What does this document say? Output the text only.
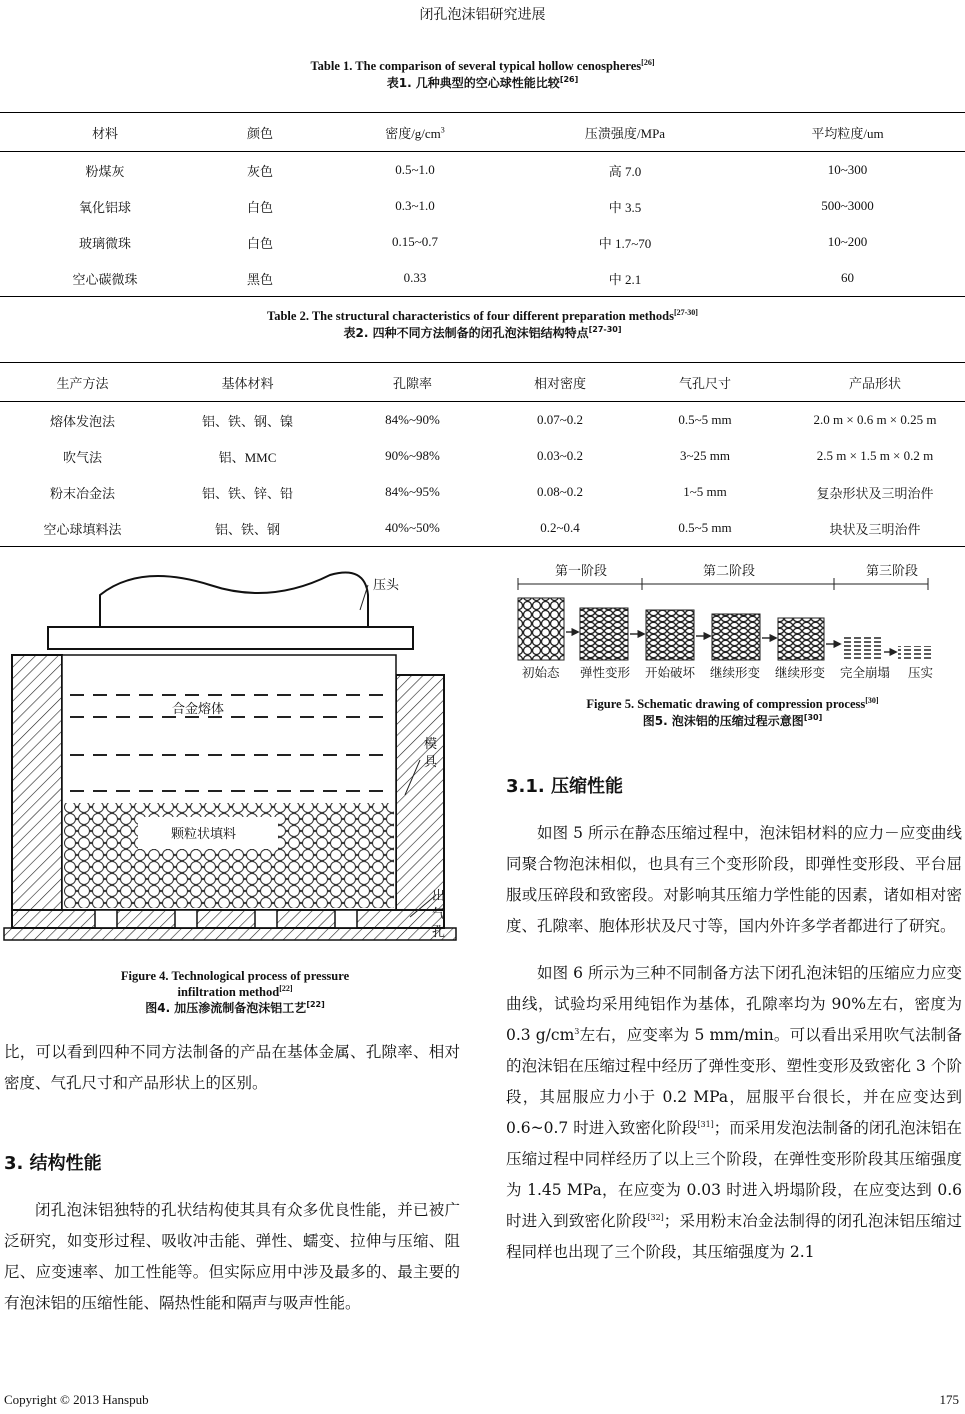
闭孔泡沫铝研究进展
Table 1. The comparison of several typical hollow cenospheres[26]
表1. 几种典型的空心球性能比较[26]
材料	颜色	密度$/g/cm^3$	压溃强度/MPa	平均粒度/um
粉煤灰	灰色	0.5~1.0	高 7.0	10~300
氧化铝球	白色	0.3~1.0	中 3.5	500~3000
玻璃微珠	白色	0.15~0.7	中 1.7~70	10~200
空心碳微珠	黑色	0.33	中 2.1	60
Table 2. The structural characteristics of four different preparation methods[27-30]
表2. 四种不同方法制备的闭孔泡沫铝结构特点[27-30]
生产方法	基体材料	孔隙率	相对密度	气孔尺寸	产品形状
熔体发泡法	铝、铁、钢、镍	84%~90%	0.07~0.2	0.5~5 mm	2.0 m × 0.6 m × 0.25 m
吹气法	铝、MMC	90%~98%	0.03~0.2	3~25 mm	2.5 m × 1.5 m × 0.2 m
粉末冶金法	铝、铁、锌、铅	84%~95%	0.08~0.2	1~5 mm	复杂形状及三明治件
空心球填料法	铝、铁、钢	40%~50%	0.2~0.4	0.5~5 mm	块状及三明治件
压头
合金熔体
模
具
颗粒状填料
出
气
孔
Figure 4. Technological process of pressure
infiltration method[22]
图4. 加压渗流制备泡沫铝工艺[22]
比，可以看到四种不同方法制备的产品在基体金属、孔隙率、相对密度、气孔尺寸和产品形状上的区别。
3. 结构性能
闭孔泡沫铝独特的孔状结构使其具有众多优良性能，并已被广泛研究，如变形过程、吸收冲击能、弹性、蠕变、拉伸与压缩、阻尼、应变速率、加工性能等。但实际应用中涉及最多的、最主要的有泡沫铝的压缩性能、隔热性能和隔声与吸声性能。
第一阶段	第二阶段	第三阶段
初始态 弹性变形 开始破坏 继续形变 继续形变 完全崩塌 压实
Figure 5. Schematic drawing of compression process[30]
图5. 泡沫铝的压缩过程示意图[30]
3.1. 压缩性能
如图 5 所示在静态压缩过程中，泡沫铝材料的应力－应变曲线同聚合物泡沫相似，也具有三个变形阶段，即弹性变形段、平台屈服或压碎段和致密段。对影响其压缩力学性能的因素，诸如相对密度、孔隙率、胞体形状及尺寸等，国内外许多学者都进行了研究。
如图 6 所示为三种不同制备方法下闭孔泡沫铝的压缩应力应变曲线，试验均采用纯铝作为基体，孔隙率均为 90%左右，密度为 0.3 $g/cm^3$左右，应变率为 5 mm/min。可以看出采用吹气法制备的泡沫铝在压缩过程中经历了弹性变形、塑性变形及致密化 3 个阶段，其屈服应力小于 0.2 MPa，屈服平台很长，并在应变达到 0.6~0.7 时进入致密化阶段[31]；而采用发泡法制备的闭孔泡沫铝在压缩过程中同样经历了以上三个阶段，在弹性变形阶段其压缩强度为 1.45 MPa，在应变为 0.03 时进入坍塌阶段，在应变达到 0.6 时进入到致密化阶段[32]；采用粉末冶金法制得的闭孔泡沫铝压缩过程同样也出现了三个阶段，其压缩强度为 2.1
Copyright © 2013 Hanspub	175
